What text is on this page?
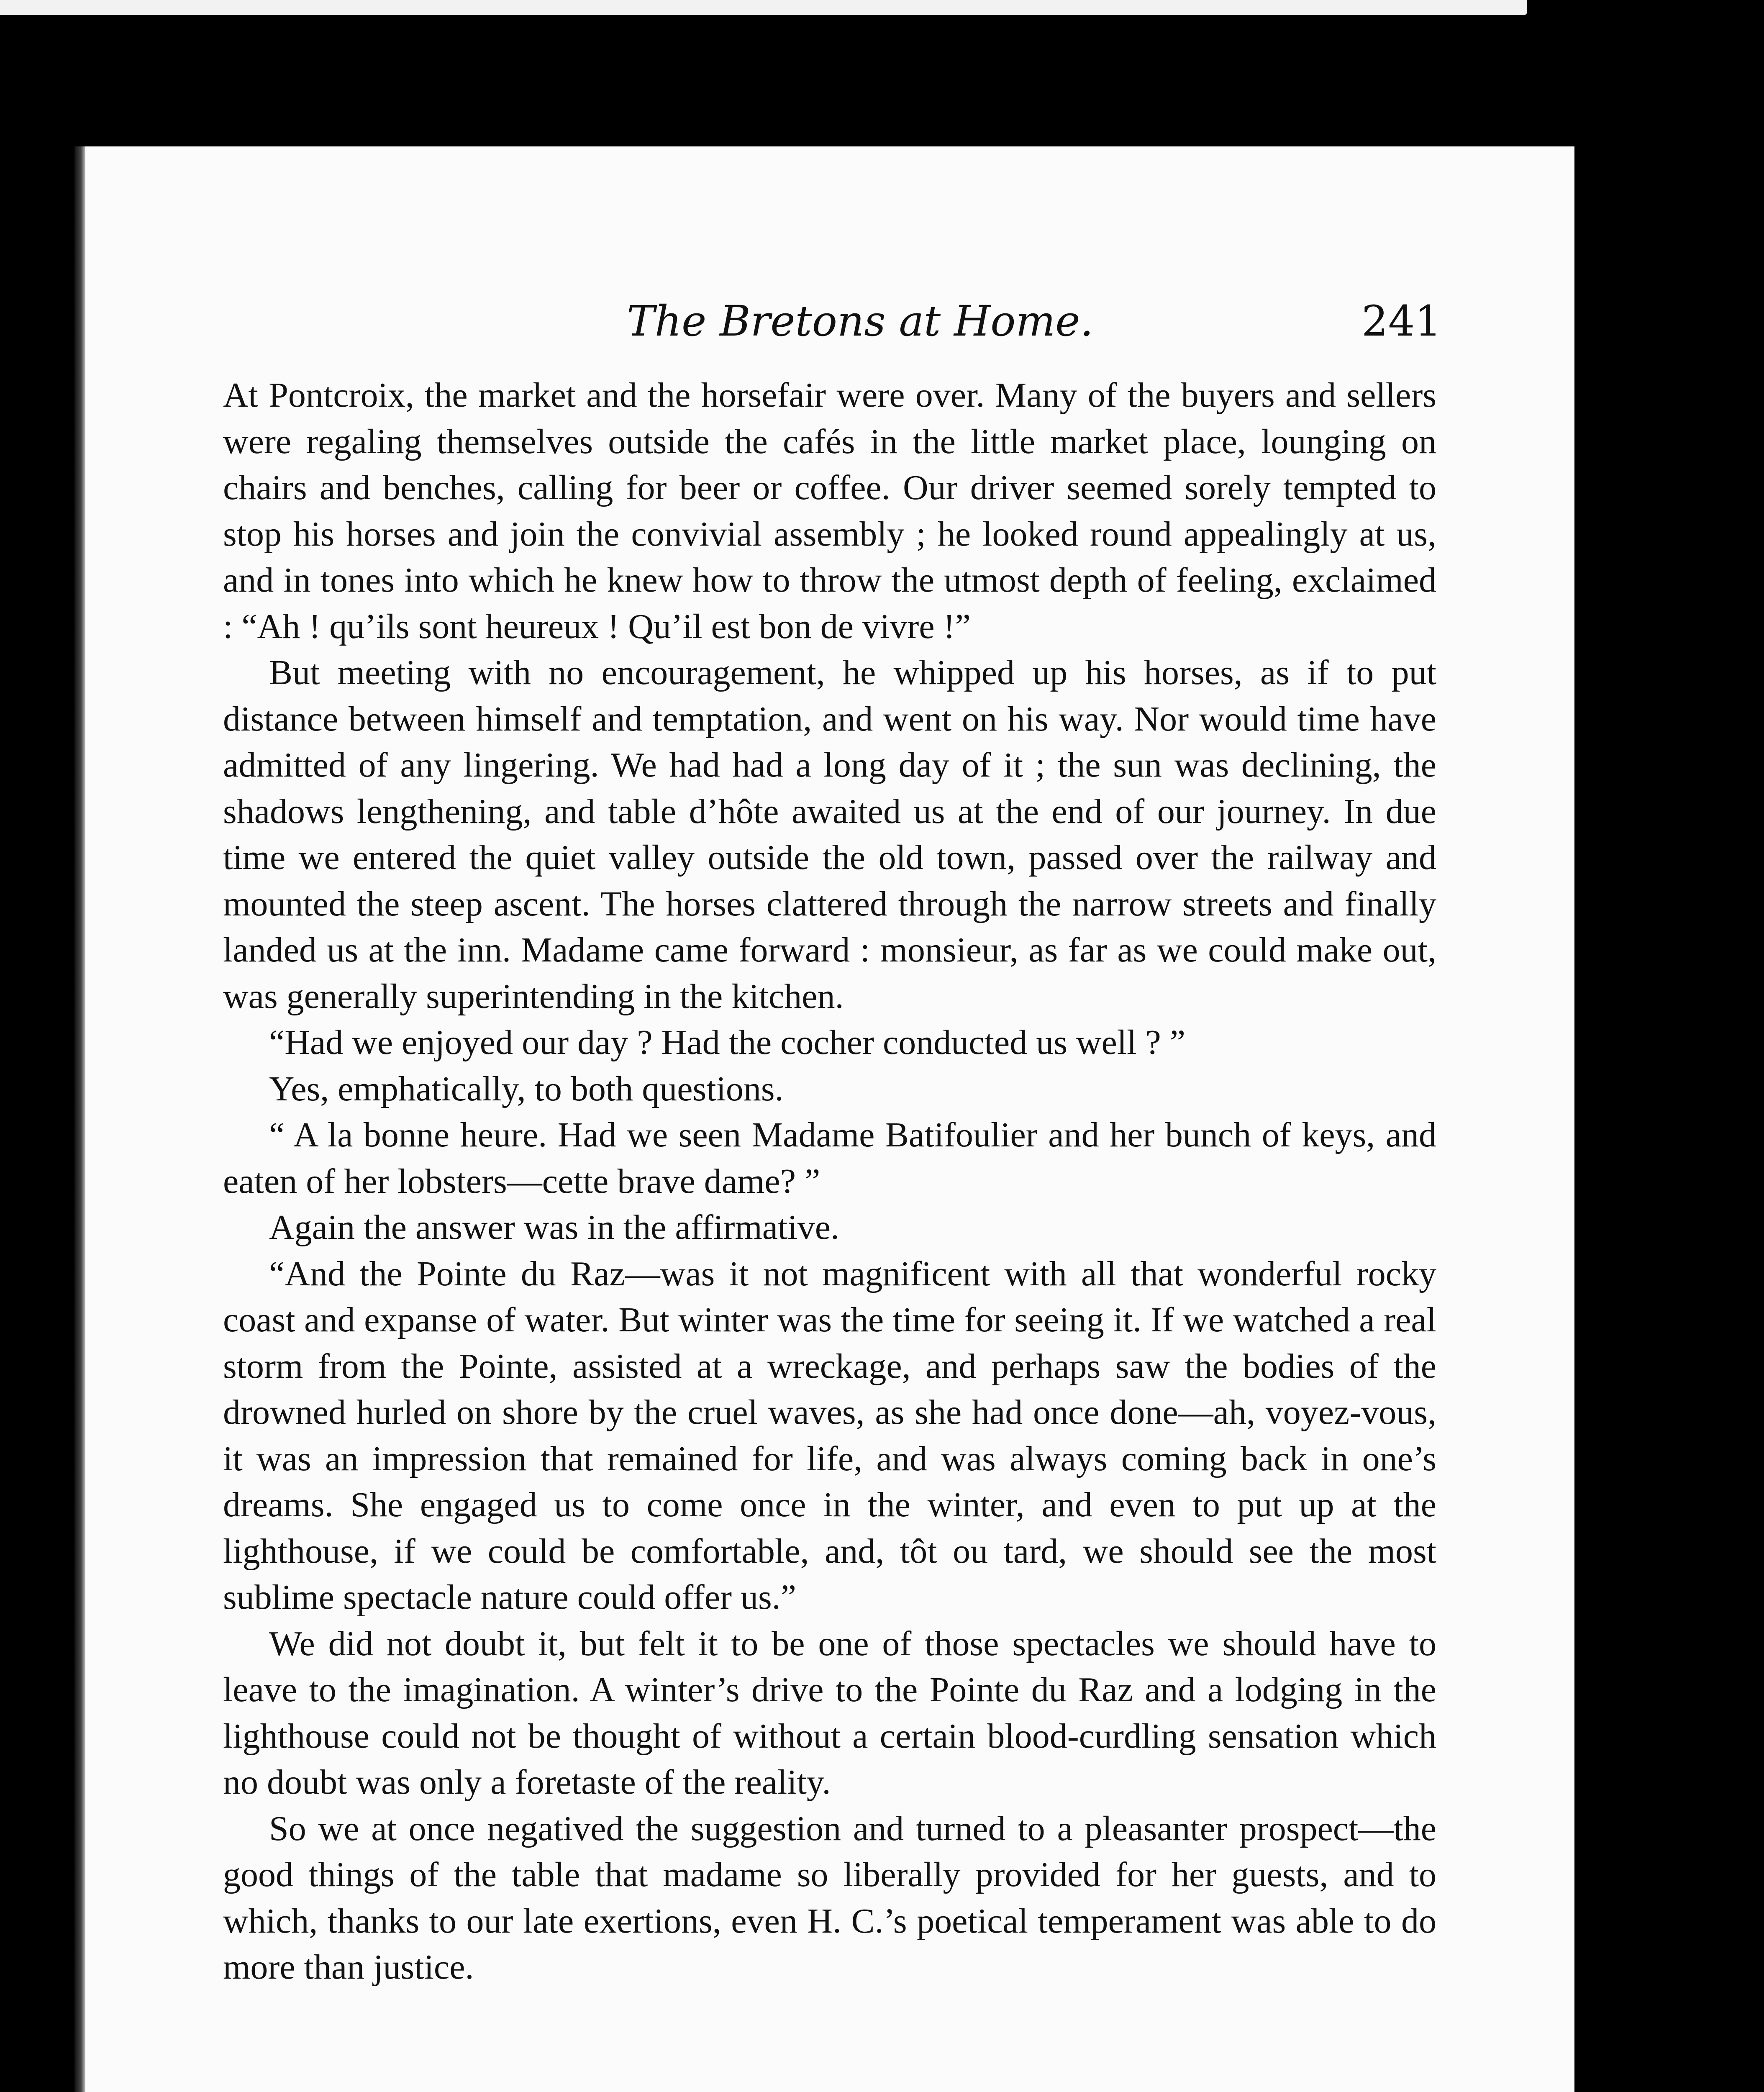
The Bretons at Home.	241

At Pontcroix, the market and the horsefair were over. Many of the buyers and sellers were regaling themselves outside the cafés in the little market place, lounging on chairs and benches, calling for beer or coffee. Our driver seemed sorely tempted to stop his horses and join the convivial assembly ; he looked round appealingly at us, and in tones into which he knew how to throw the utmost depth of feeling, exclaimed : “Ah ! qu’ils sont heureux ! Qu’il est bon de vivre !”

But meeting with no encouragement, he whipped up his horses, as if to put distance between himself and temptation, and went on his way. Nor would time have admitted of any lingering. We had had a long day of it ; the sun was declining, the shadows lengthening, and table d’hôte awaited us at the end of our journey. In due time we entered the quiet valley outside the old town, passed over the railway and mounted the steep ascent. The horses clattered through the narrow streets and finally landed us at the inn. Madame came forward : monsieur, as far as we could make out, was generally superintending in the kitchen.

“Had we enjoyed our day ? Had the cocher conducted us well ? ”

Yes, emphatically, to both questions.

“ A la bonne heure. Had we seen Madame Batifoulier and her bunch of keys, and eaten of her lobsters—cette brave dame? ”

Again the answer was in the affirmative.

“And the Pointe du Raz—was it not magnificent with all that wonderful rocky coast and expanse of water. But winter was the time for seeing it. If we watched a real storm from the Pointe, assisted at a wreckage, and perhaps saw the bodies of the drowned hurled on shore by the cruel waves, as she had once done—ah, voyez-vous, it was an impression that remained for life, and was always coming back in one’s dreams. She engaged us to come once in the winter, and even to put up at the lighthouse, if we could be comfortable, and, tôt ou tard, we should see the most sublime spectacle nature could offer us.”

We did not doubt it, but felt it to be one of those spectacles we should have to leave to the imagination. A winter’s drive to the Pointe du Raz and a lodging in the lighthouse could not be thought of without a certain blood-curdling sensation which no doubt was only a foretaste of the reality.

So we at once negatived the suggestion and turned to a pleasanter prospect—the good things of the table that madame so liberally provided for her guests, and to which, thanks to our late exertions, even H. C.’s poetical temperament was able to do more than justice.
